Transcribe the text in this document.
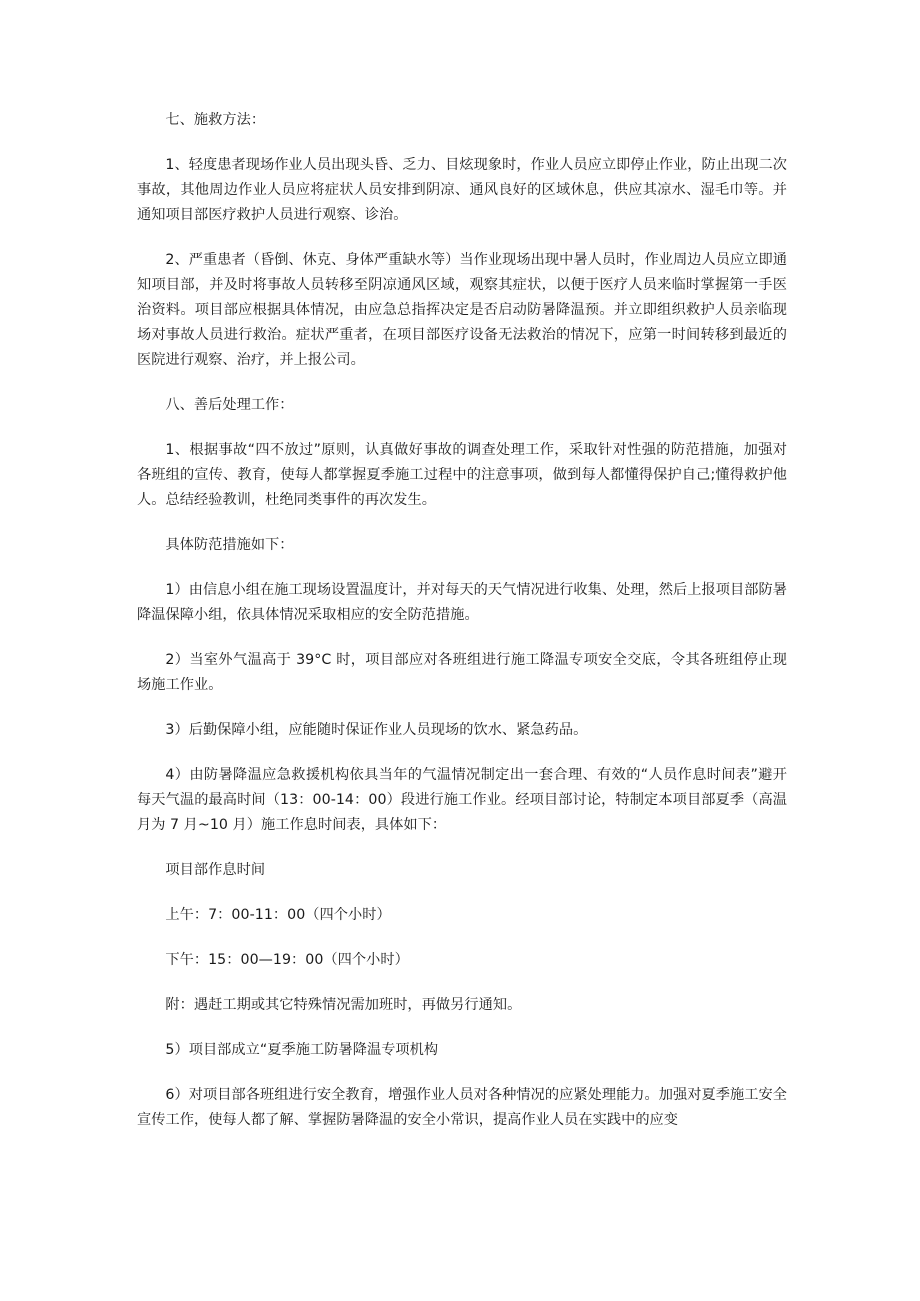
七、施救方法：

1、轻度患者现场作业人员出现头昏、乏力、目炫现象时，作业人员应立即停止作业，防止出现二次事故，其他周边作业人员应将症状人员安排到阴凉、通风良好的区域休息，供应其凉水、湿毛巾等。并通知项目部医疗救护人员进行观察、诊治。

2、严重患者（昏倒、休克、身体严重缺水等）当作业现场出现中暑人员时，作业周边人员应立即通知项目部，并及时将事故人员转移至阴凉通风区域，观察其症状，以便于医疗人员来临时掌握第一手医治资料。项目部应根据具体情况，由应急总指挥决定是否启动防暑降温预。并立即组织救护人员亲临现场对事故人员进行救治。症状严重者，在项目部医疗设备无法救治的情况下，应第一时间转移到最近的医院进行观察、治疗，并上报公司。

八、善后处理工作：

1、根据事故“四不放过”原则，认真做好事故的调查处理工作，采取针对性强的防范措施，加强对各班组的宣传、教育，使每人都掌握夏季施工过程中的注意事项，做到每人都懂得保护自己;懂得救护他人。总结经验教训，杜绝同类事件的再次发生。

具体防范措施如下：

1）由信息小组在施工现场设置温度计，并对每天的天气情况进行收集、处理，然后上报项目部防暑降温保障小组，依具体情况采取相应的安全防范措施。

2）当室外气温高于 39°C 时，项目部应对各班组进行施工降温专项安全交底，令其各班组停止现场施工作业。

3）后勤保障小组，应能随时保证作业人员现场的饮水、紧急药品。

4）由防暑降温应急救援机构依具当年的气温情况制定出一套合理、有效的“人员作息时间表”避开每天气温的最高时间（13：00-14：00）段进行施工作业。经项目部讨论，特制定本项目部夏季（高温月为 7 月~10 月）施工作息时间表，具体如下：

项目部作息时间

上午：7：00-11：00（四个小时）

下午：15：00—19：00（四个小时）

附：遇赶工期或其它特殊情况需加班时，再做另行通知。

5）项目部成立“夏季施工防暑降温专项机构

6）对项目部各班组进行安全教育，增强作业人员对各种情况的应紧处理能力。加强对夏季施工安全宣传工作，使每人都了解、掌握防暑降温的安全小常识，提高作业人员在实践中的应变
